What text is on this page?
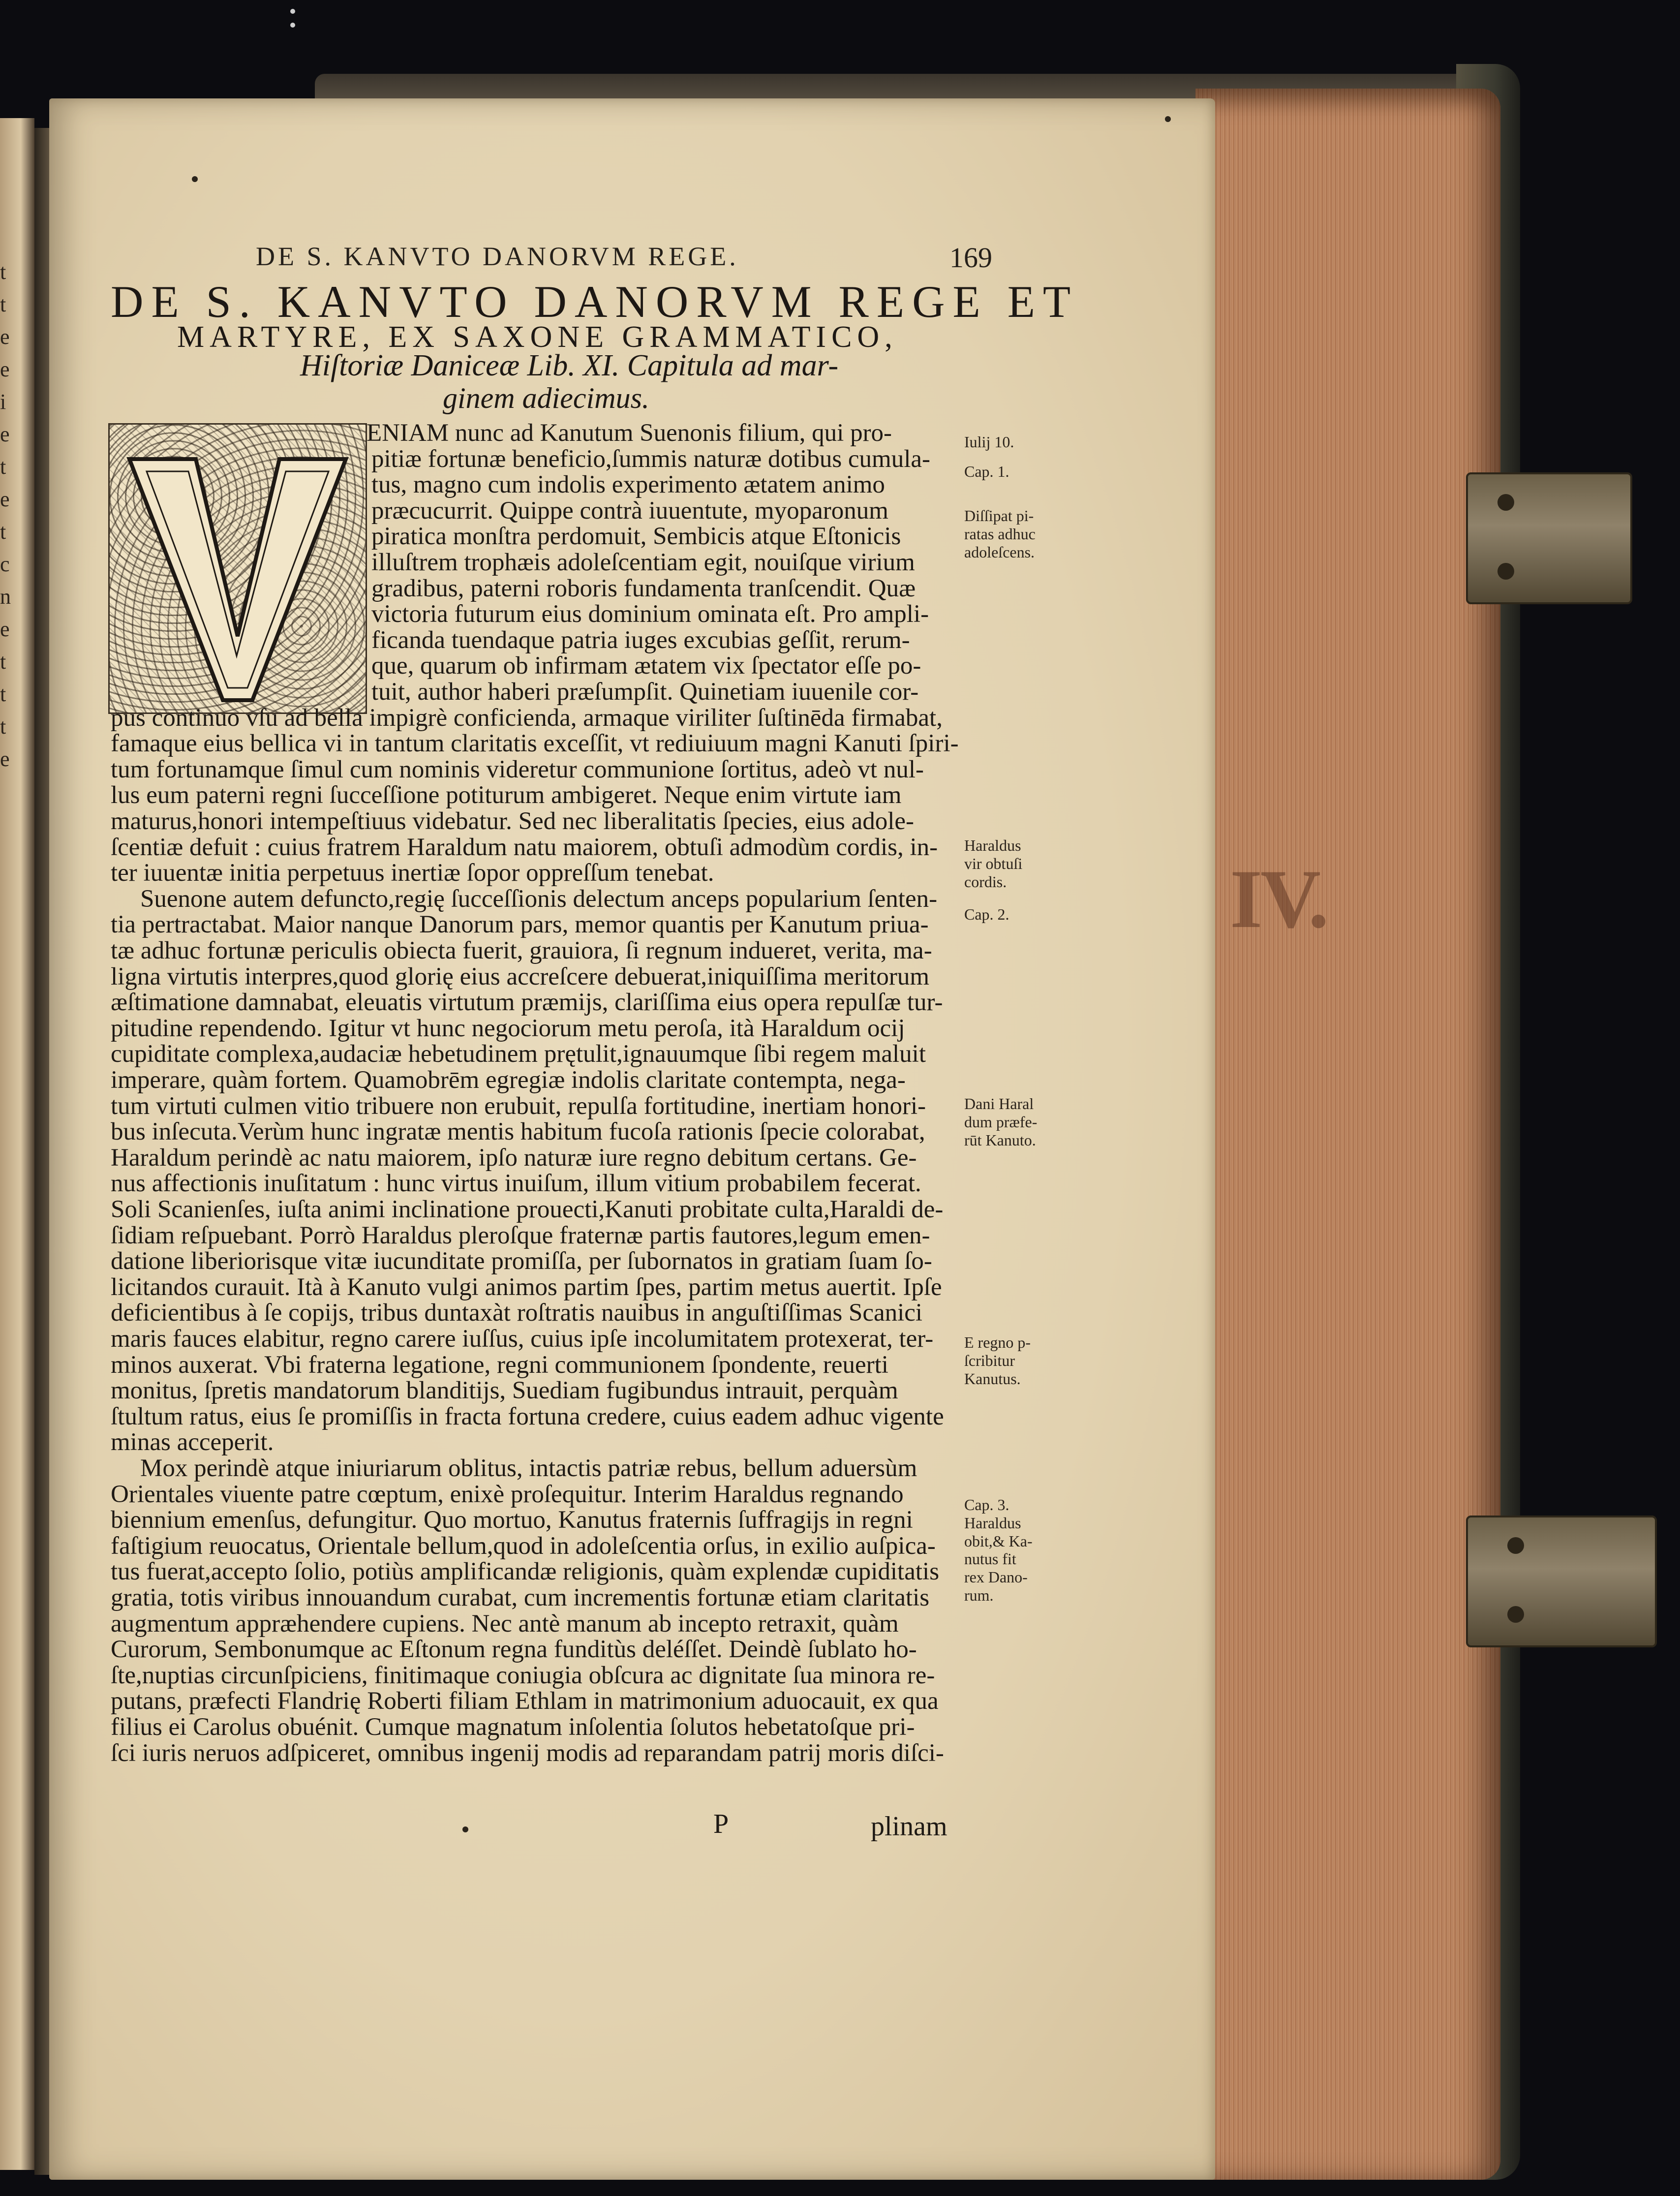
t
t
e
e
i
e
t
e
t
c
n
e
t
t
t
e
IV.
DE S. KANVTO DANORVM REGE.	169
DE S. KANVTO DANORVM REGE ET
MARTYRE, EX SAXONE GRAMMATICO,
Hiſtoriæ Daniceæ Lib. XI. Capitula ad mar-
ginem adiecimus.
ENIAM nunc ad Kanutum Suenonis filium, qui pro-
pitiæ fortunæ beneficio,ſummis naturæ dotibus cumula-
tus, magno cum indolis experimento ætatem animo
præcucurrit. Quippe contrà iuuentute, myoparonum
piratica monſtra perdomuit, Sembicis atque Eſtonicis
illuſtrem trophæis adoleſcentiam egit, nouiſque virium
gradibus, paterni roboris fundamenta tranſcendit. Quæ
victoria futurum eius dominium ominata eſt. Pro ampli-
ficanda tuendaque patria iuges excubias geſſit, rerum-
que, quarum ob infirmam ætatem vix ſpectator eſſe po-
tuit, author haberi præſumpſit. Quinetiam iuuenile cor-
pus continuo vſu ad bella impigrè conficienda, armaque viriliter ſuſtinēda firmabat,
famaque eius bellica vi in tantum claritatis exceſſit, vt rediuiuum magni Kanuti ſpiri-
tum fortunamque ſimul cum nominis videretur communione ſortitus, adeò vt nul-
lus eum paterni regni ſucceſſione potiturum ambigeret. Neque enim virtute iam
maturus,honori intempeſtiuus videbatur. Sed nec liberalitatis ſpecies, eius adole-
ſcentiæ defuit : cuius fratrem Haraldum natu maiorem, obtuſi admodùm cordis, in-
ter iuuentæ initia perpetuus inertiæ ſopor oppreſſum tenebat.
Suenone autem defuncto,regię ſucceſſionis delectum anceps popularium ſenten-
tia pertractabat. Maior nanque Danorum pars, memor quantis per Kanutum priua-
tæ adhuc fortunæ periculis obiecta fuerit, grauiora, ſi regnum indueret, verita, ma-
ligna virtutis interpres,quod glorię eius accreſcere debuerat,iniquiſſima meritorum
æſtimatione damnabat, eleuatis virtutum præmijs, clariſſima eius opera repulſæ tur-
pitudine rependendo. Igitur vt hunc negociorum metu peroſa, ità Haraldum ocij
cupiditate complexa,audaciæ hebetudinem prętulit,ignauumque ſibi regem maluit
imperare, quàm fortem. Quamobrēm egregiæ indolis claritate contempta, nega-
tum virtuti culmen vitio tribuere non erubuit, repulſa fortitudine, inertiam honori-
bus inſecuta.Verùm hunc ingratæ mentis habitum fucoſa rationis ſpecie colorabat,
Haraldum perindè ac natu maiorem, ipſo naturæ iure regno debitum certans. Ge-
nus affectionis inuſitatum : hunc virtus inuiſum, illum vitium probabilem fecerat.
Soli Scanienſes, iuſta animi inclinatione prouecti,Kanuti probitate culta,Haraldi de-
ſidiam reſpuebant. Porrò Haraldus pleroſque fraternæ partis fautores,legum emen-
datione liberiorisque vitæ iucunditate promiſſa, per ſubornatos in gratiam ſuam ſo-
licitandos curauit. Ità à Kanuto vulgi animos partim ſpes, partim metus auertit. Ipſe
deficientibus à ſe copijs, tribus duntaxàt roſtratis nauibus in anguſtiſſimas Scanici
maris fauces elabitur, regno carere iuſſus, cuius ipſe incolumitatem protexerat, ter-
minos auxerat. Vbi fraterna legatione, regni communionem ſpondente, reuerti
monitus, ſpretis mandatorum blanditijs, Suediam fugibundus intrauit, perquàm
ſtultum ratus, eius ſe promiſſis in fracta fortuna credere, cuius eadem adhuc vigente
minas acceperit.
Mox perindè atque iniuriarum oblitus, intactis patriæ rebus, bellum aduersùm
Orientales viuente patre cœptum, enixè proſequitur. Interim Haraldus regnando
biennium emenſus, defungitur. Quo mortuo, Kanutus fraternis ſuffragijs in regni
faſtigium reuocatus, Orientale bellum,quod in adoleſcentia orſus, in exilio auſpica-
tus fuerat,accepto ſolio, potiùs amplificandæ religionis, quàm explendæ cupiditatis
gratia, totis viribus innouandum curabat, cum incrementis fortunæ etiam claritatis
augmentum appræhendere cupiens. Nec antè manum ab incepto retraxit, quàm
Curorum, Sembonumque ac Eſtonum regna funditùs deléſſet. Deindè ſublato ho-
ſte,nuptias circunſpiciens, finitimaque coniugia obſcura ac dignitate ſua minora re-
putans, præfecti Flandrię Roberti filiam Ethlam in matrimonium aduocauit, ex qua
filius ei Carolus obuénit. Cumque magnatum inſolentia ſolutos hebetatoſque pri-
ſci iuris neruos adſpiceret, omnibus ingenij modis ad reparandam patrij moris diſci-
Iulij 10.
Cap. 1.
Diſſipat pi-
ratas adhuc
adoleſcens.
Haraldus
vir obtuſi
cordis.
Cap. 2.
Dani Haral
dum præfe-
rūt Kanuto.
E regno p-
ſcribitur
Kanutus.
Cap. 3.
Haraldus
obit,& Ka-
nutus fit
rex Dano-
rum.
P	plinam
